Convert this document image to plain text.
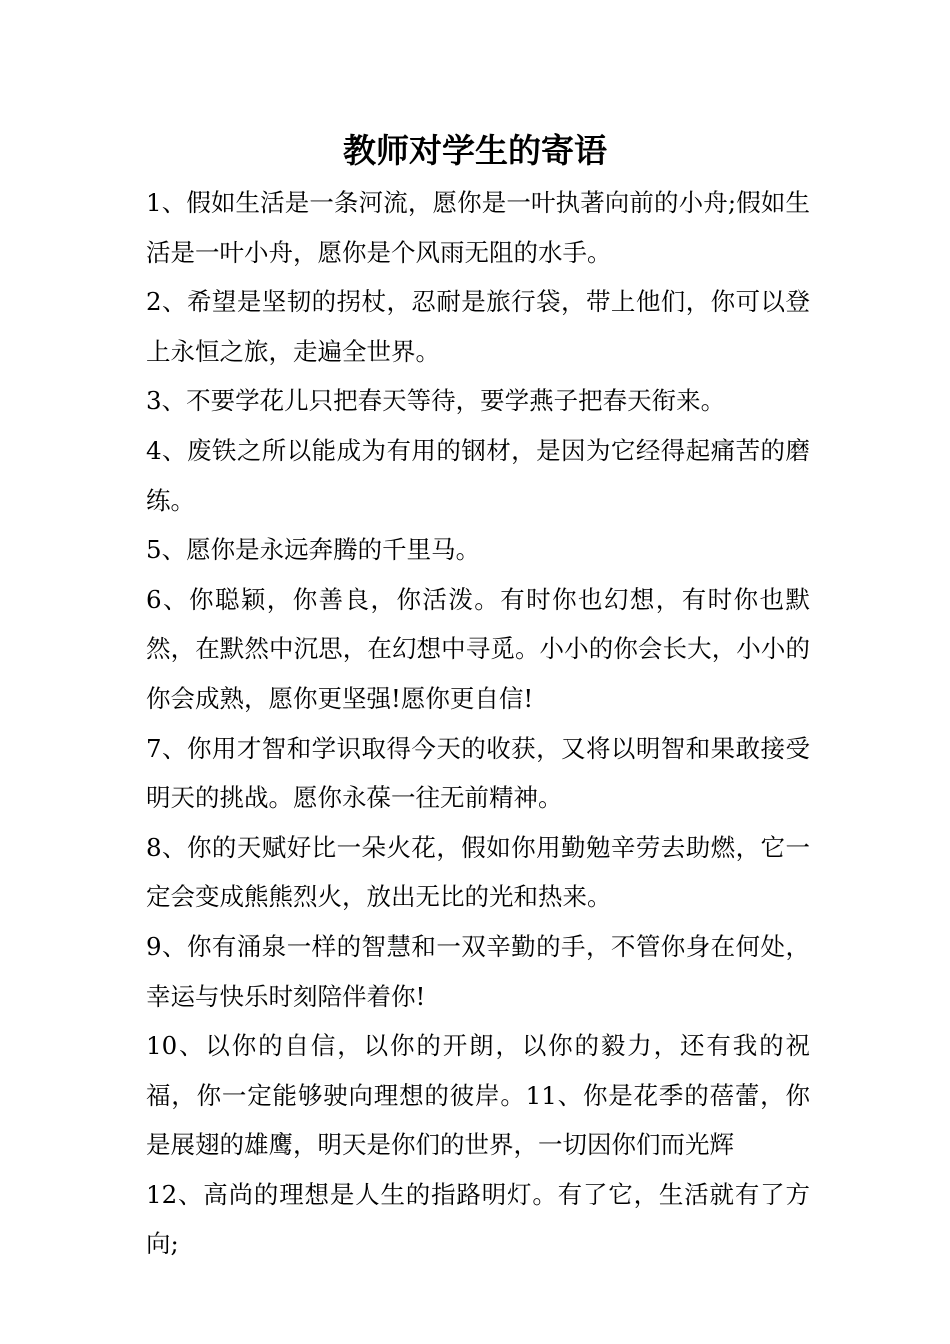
教师对学生的寄语

1、假如生活是一条河流，愿你是一叶执著向前的小舟;假如生活是一叶小舟，愿你是个风雨无阻的水手。

2、希望是坚韧的拐杖，忍耐是旅行袋，带上他们，你可以登上永恒之旅，走遍全世界。

3、不要学花儿只把春天等待，要学燕子把春天衔来。

4、废铁之所以能成为有用的钢材，是因为它经得起痛苦的磨练。

5、愿你是永远奔腾的千里马。

6、你聪颖，你善良，你活泼。有时你也幻想，有时你也默然，在默然中沉思，在幻想中寻觅。小小的你会长大，小小的你会成熟，愿你更坚强!愿你更自信!

7、你用才智和学识取得今天的收获，又将以明智和果敢接受明天的挑战。愿你永葆一往无前精神。

8、你的天赋好比一朵火花，假如你用勤勉辛劳去助燃，它一定会变成熊熊烈火，放出无比的光和热来。

9、你有涌泉一样的智慧和一双辛勤的手，不管你身在何处，幸运与快乐时刻陪伴着你!

10、以你的自信，以你的开朗，以你的毅力，还有我的祝福，你一定能够驶向理想的彼岸。11、你是花季的蓓蕾，你是展翅的雄鹰，明天是你们的世界，一切因你们而光辉

12、高尚的理想是人生的指路明灯。有了它，生活就有了方向;
